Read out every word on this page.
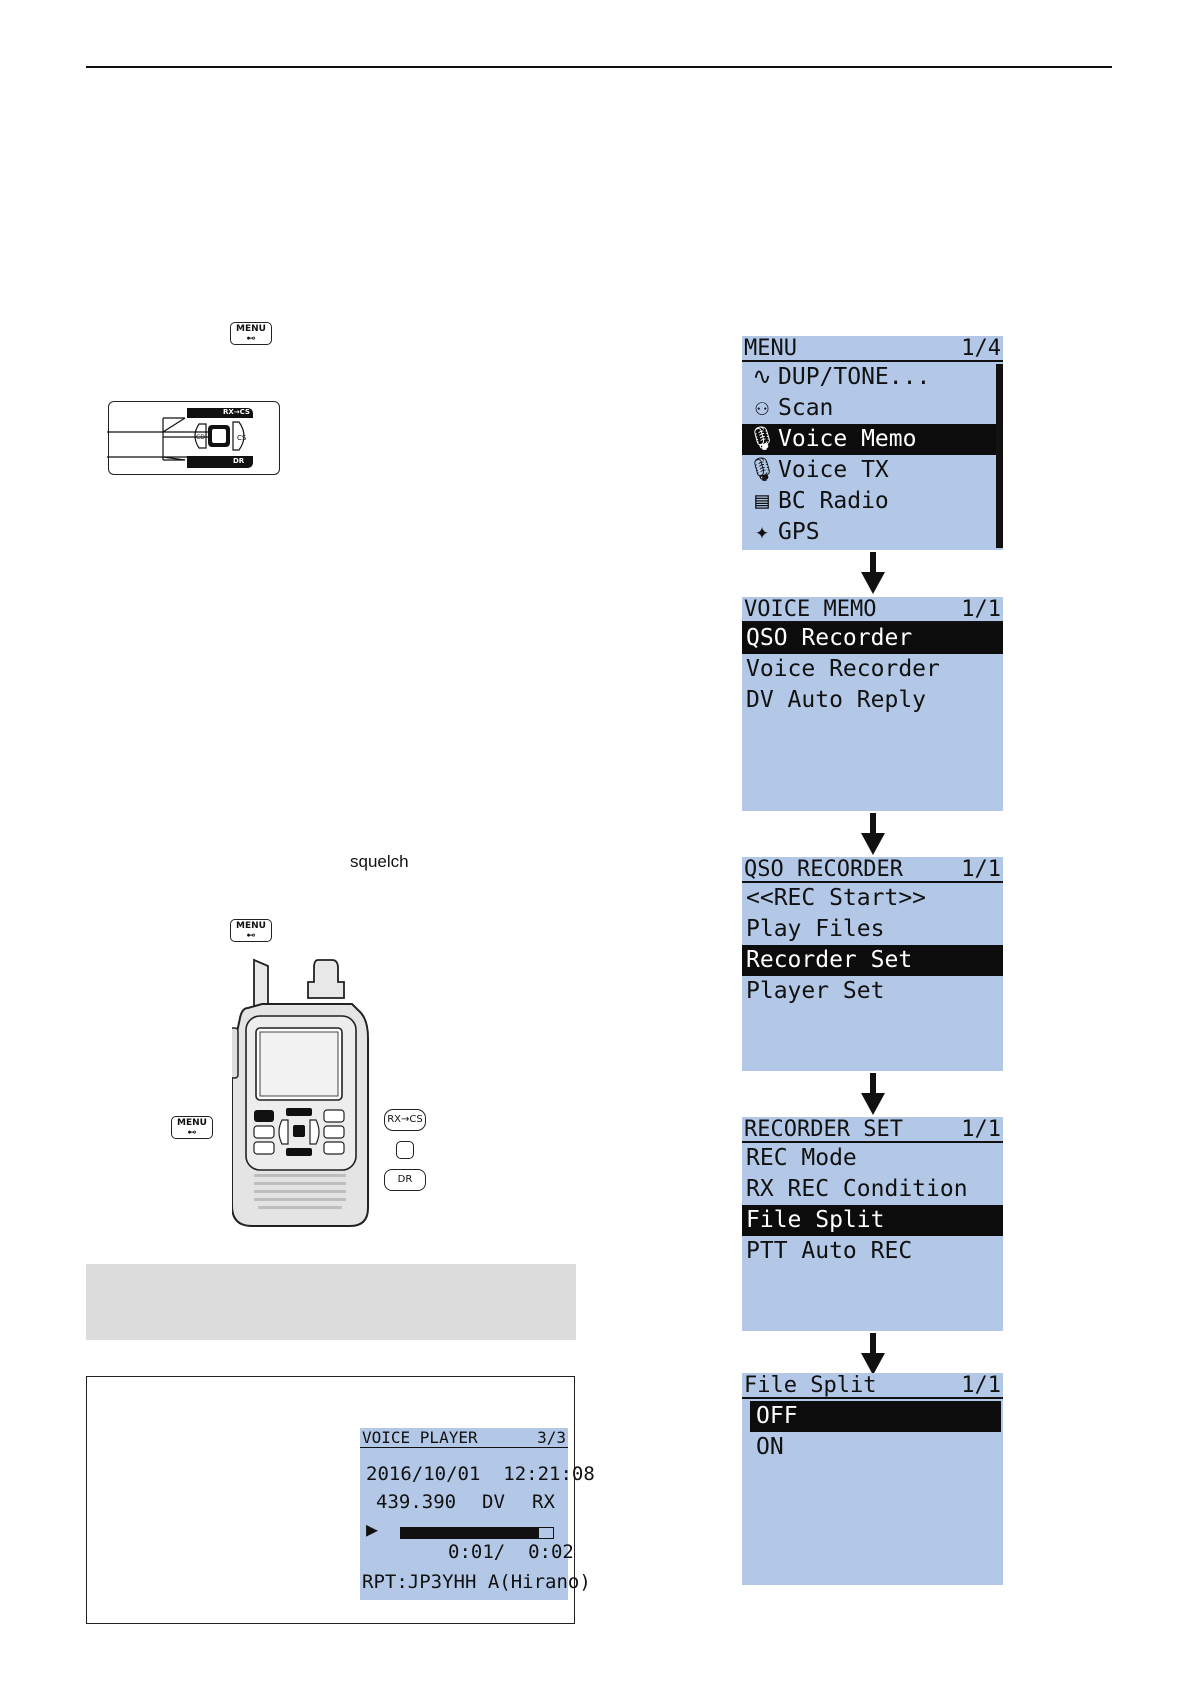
MENU
⊷
RX→CS
DR
CD	CS
squelch
MENU
⊷
MENU
⊷
RX→CS
DR
VOICE PLAYER	3/3
2016/10/01  12:21:08
439.390 DV RX
▶
0:01/  0:02
RPT:JP3YHH A(Hirano)
MENU	1/4
∿ DUP/TONE...
⚇ Scan
🎙Voice Memo
🎙Voice TX
▤ BC Radio
✦ GPS
VOICE MEMO	1/1
QSO Recorder
Voice Recorder
DV Auto Reply
QSO RECORDER	1/1
<<REC Start>>
Play Files
Recorder Set
Player Set
RECORDER SET	1/1
REC Mode
RX REC Condition
File Split
PTT Auto REC
File Split	1/1
OFF
ON
